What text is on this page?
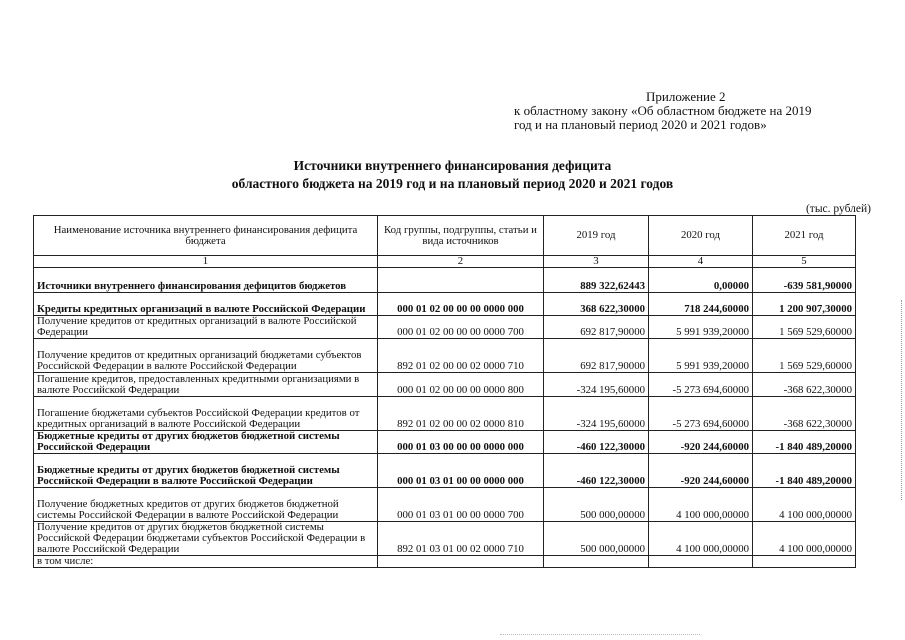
Приложение 2
к областному закону «Об областном бюджете на 2019
год и на плановый период 2020 и 2021 годов»
Источники внутреннего финансирования дефицита
областного бюджета на 2019 год и на плановый период 2020 и 2021 годов
(тыс. рублей)
Наименование источника внутреннего финансирования дефицита бюджета	Код группы, подгруппы, статьи и вида источников	2019 год	2020 год	2021 год
1	2	3	4	5
Источники внутреннего финансирования дефицитов бюджетов		889 322,62443	0,00000	-639 581,90000
Кредиты кредитных организаций в валюте Российской Федерации	000 01 02 00 00 00 0000 000	368 622,30000	718 244,60000	1 200 907,30000
Получение кредитов от кредитных организаций в валюте Российской Федерации	000 01 02 00 00 00 0000 700	692 817,90000	5 991 939,20000	1 569 529,60000
Получение кредитов от кредитных организаций бюджетами субъектов Российской Федерации в валюте Российской Федерации	892 01 02 00 00 02 0000 710	692 817,90000	5 991 939,20000	1 569 529,60000
Погашение кредитов, предоставленных кредитными организациями в валюте Российской Федерации	000 01 02 00 00 00 0000 800	-324 195,60000	-5 273 694,60000	-368 622,30000
Погашение бюджетами субъектов Российской Федерации кредитов от кредитных организаций в валюте Российской Федерации	892 01 02 00 00 02 0000 810	-324 195,60000	-5 273 694,60000	-368 622,30000
Бюджетные кредиты от других бюджетов бюджетной системы Российской Федерации	000 01 03 00 00 00 0000 000	-460 122,30000	-920 244,60000	-1 840 489,20000
Бюджетные кредиты от других бюджетов бюджетной системы Российской Федерации в валюте Российской Федерации	000 01 03 01 00 00 0000 000	-460 122,30000	-920 244,60000	-1 840 489,20000
Получение бюджетных кредитов от других бюджетов бюджетной системы Российской Федерации в валюте Российской Федерации	000 01 03 01 00 00 0000 700	500 000,00000	4 100 000,00000	4 100 000,00000
Получение кредитов от других бюджетов бюджетной системы Российской Федерации бюджетами субъектов Российской Федерации в валюте Российской Федерации	892 01 03 01 00 02 0000 710	500 000,00000	4 100 000,00000	4 100 000,00000
в том числе:				
